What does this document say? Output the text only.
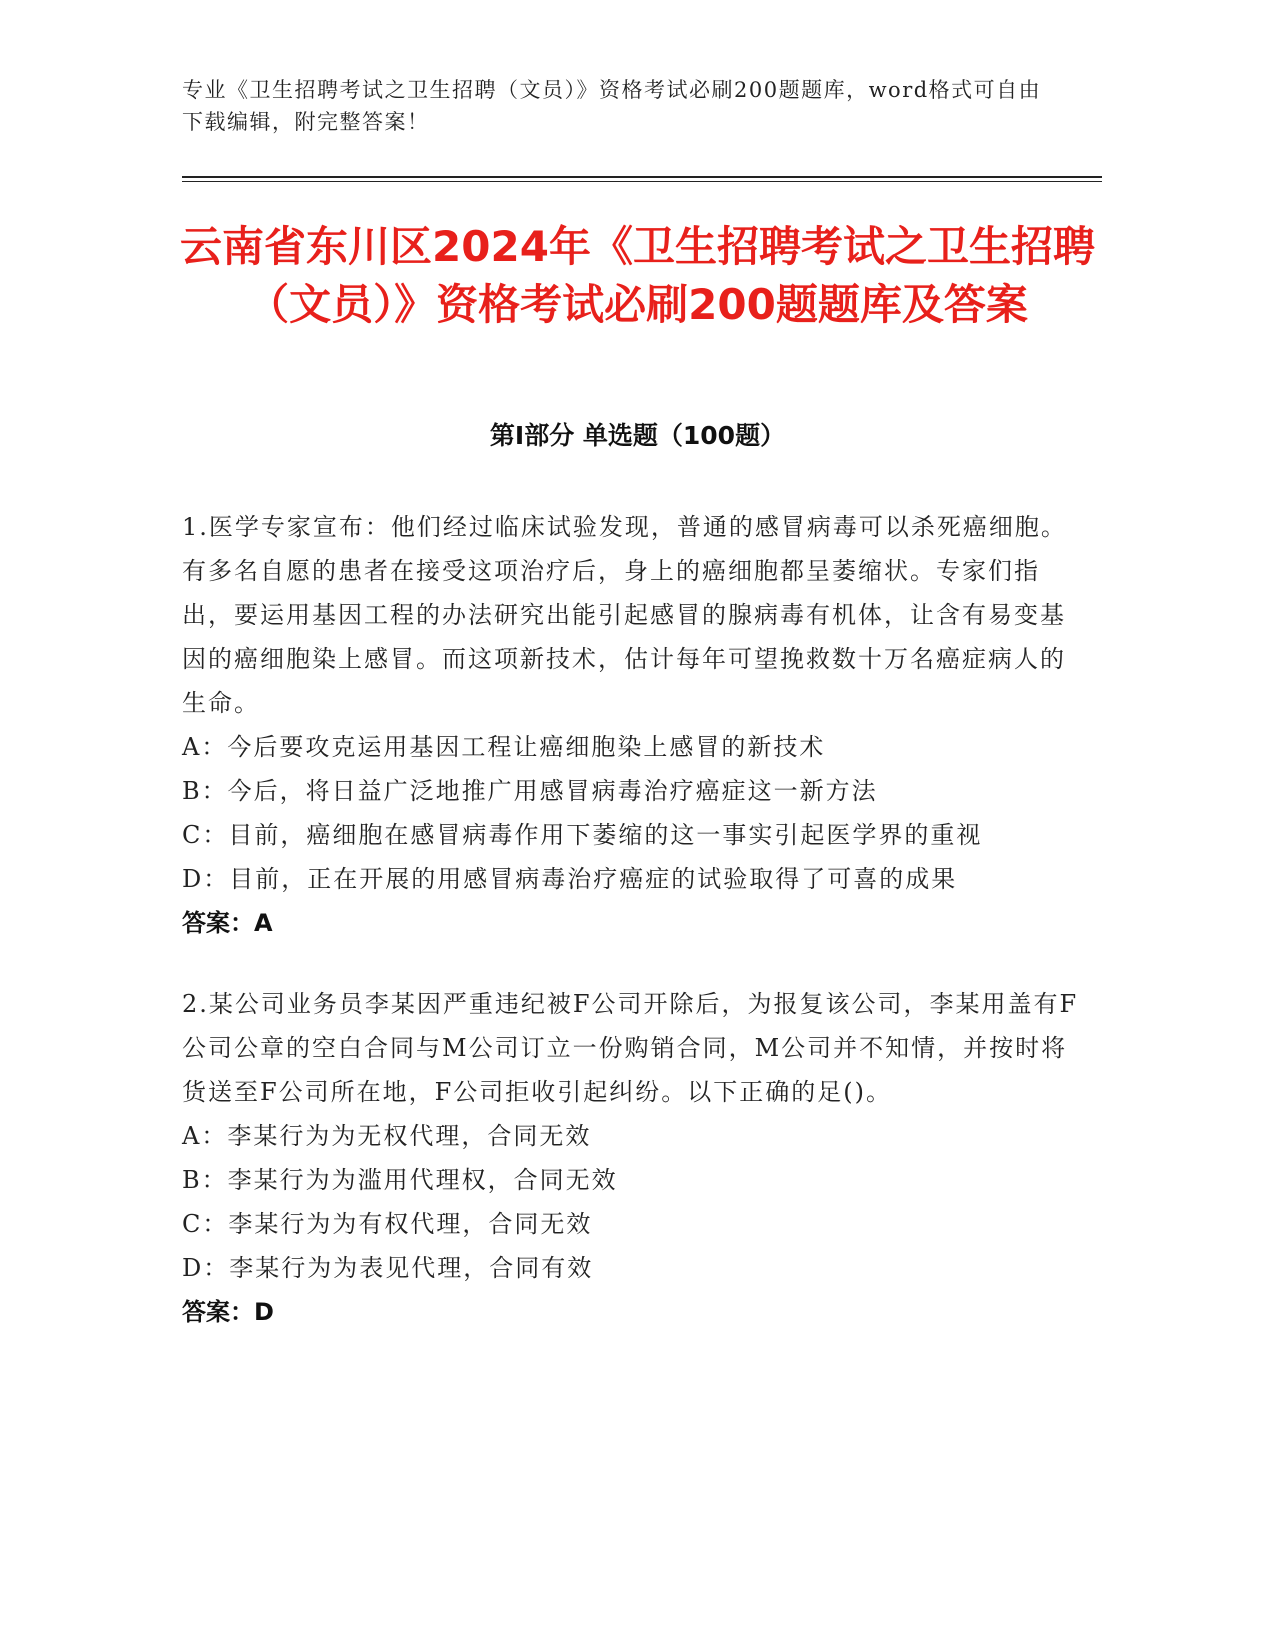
专业《卫生招聘考试之卫生招聘（文员）》资格考试必刷200题题库，word格式可自由下载编辑，附完整答案！
云南省东川区2024年《卫生招聘考试之卫生招聘（文员）》资格考试必刷200题题库及答案
第Ⅰ部分 单选题（100题）
1.医学专家宣布：他们经过临床试验发现，普通的感冒病毒可以杀死癌细胞。有多名自愿的患者在接受这项治疗后，身上的癌细胞都呈萎缩状。专家们指出，要运用基因工程的办法研究出能引起感冒的腺病毒有机体，让含有易变基因的癌细胞染上感冒。而这项新技术，估计每年可望挽救数十万名癌症病人的生命。
A：今后要攻克运用基因工程让癌细胞染上感冒的新技术
B：今后，将日益广泛地推广用感冒病毒治疗癌症这一新方法
C：目前，癌细胞在感冒病毒作用下萎缩的这一事实引起医学界的重视
D：目前，正在开展的用感冒病毒治疗癌症的试验取得了可喜的成果
答案：A
2.某公司业务员李某因严重违纪被F公司开除后，为报复该公司，李某用盖有F公司公章的空白合同与M公司订立一份购销合同，M公司并不知情，并按时将货送至F公司所在地，F公司拒收引起纠纷。以下正确的足()。
A：李某行为为无权代理，合同无效
B：李某行为为滥用代理权，合同无效
C：李某行为为有权代理，合同无效
D：李某行为为表见代理，合同有效
答案：D
